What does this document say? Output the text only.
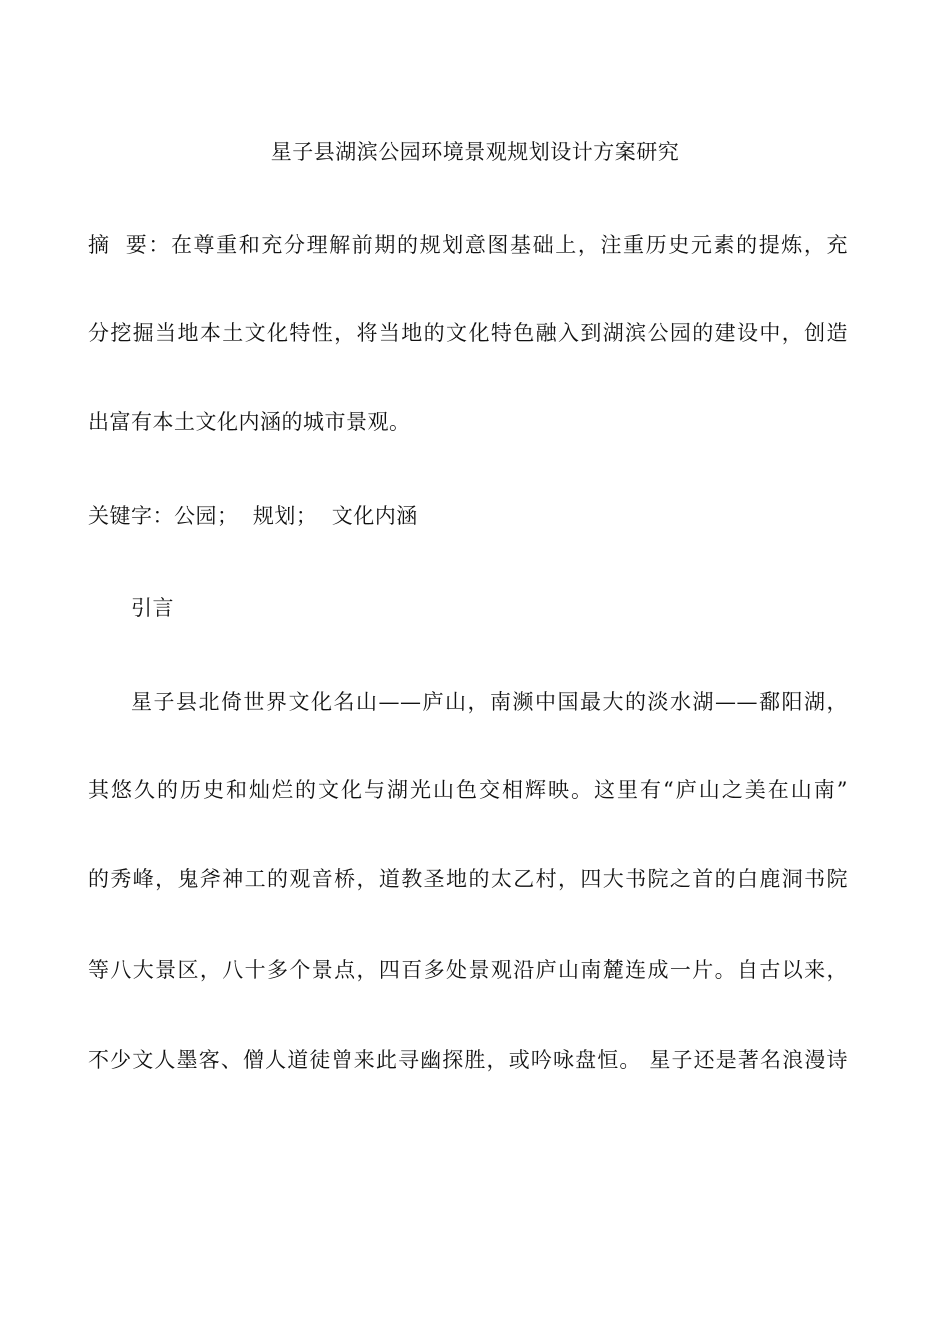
星子县湖滨公园环境景观规划设计方案研究
摘 要：在尊重和充分理解前期的规划意图基础上，注重历史元素的提炼，充
分挖掘当地本土文化特性，将当地的文化特色融入到湖滨公园的建设中，创造
出富有本土文化内涵的城市景观。
关键字：公园；  规划；  文化内涵
引言
星子县北倚世界文化名山——庐山，南濒中国最大的淡水湖——鄱阳湖，
其悠久的历史和灿烂的文化与湖光山色交相辉映。这里有“庐山之美在山南”
的秀峰，鬼斧神工的观音桥，道教圣地的太乙村，四大书院之首的白鹿洞书院
等八大景区，八十多个景点，四百多处景观沿庐山南麓连成一片。自古以来，
不少文人墨客、僧人道徒曾来此寻幽探胜，或吟咏盘恒。 星子还是著名浪漫诗
